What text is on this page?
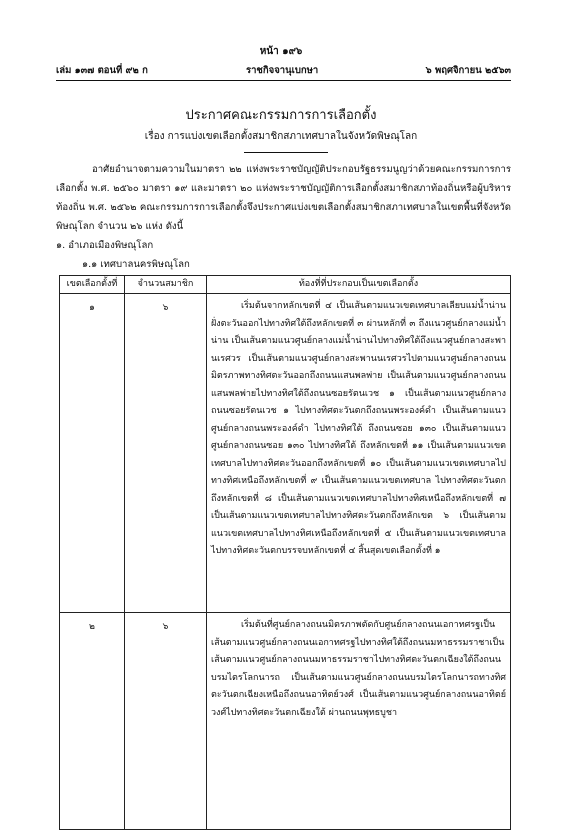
หน้า ๑๙๖
เล่ม ๑๓๗ ตอนที่ ๙๒ ก	ราชกิจจานุเบกษา	๖ พฤศจิกายน ๒๕๖๓
ประกาศคณะกรรมการการเลือกตั้ง
เรื่อง การแบ่งเขตเลือกตั้งสมาชิกสภาเทศบาลในจังหวัดพิษณุโลก
อาศัยอำนาจตามความในมาตรา ๒๒ แห่งพระราชบัญญัติประกอบรัฐธรรมนูญว่าด้วยคณะกรรมการการเลือกตั้ง พ.ศ. ๒๕๖๐ มาตรา ๑๙ และมาตรา ๒๐ แห่งพระราชบัญญัติการเลือกตั้งสมาชิกสภาท้องถิ่นหรือผู้บริหารท้องถิ่น พ.ศ. ๒๕๖๒ คณะกรรมการการเลือกตั้งจึงประกาศแบ่งเขตเลือกตั้งสมาชิกสภาเทศบาลในเขตพื้นที่จังหวัดพิษณุโลก จำนวน ๒๖ แห่ง ดังนี้
๑. อำเภอเมืองพิษณุโลก
๑.๑ เทศบาลนครพิษณุโลก
เขตเลือกตั้งที่	จำนวนสมาชิก	ท้องที่ที่ประกอบเป็นเขตเลือกตั้ง
๑	๖	เริ่มต้นจากหลักเขตที่ ๔ เป็นเส้นตามแนวเขตเทศบาลเลียบแม่น้ำน่านฝั่งตะวันออกไปทางทิศใต้ถึงหลักเขตที่ ๓ ผ่านหลักที่ ๓ ถึงแนวศูนย์กลางแม่น้ำน่าน เป็นเส้นตามแนวศูนย์กลางแม่น้ำน่านไปทางทิศใต้ถึงแนวศูนย์กลางสะพานเรศวร เป็นเส้นตามแนวศูนย์กลางสะพานนเรศวรไปตามแนวศูนย์กลางถนนมิตรภาพทางทิศตะวันออกถึงถนนแสนพลพ่าย เป็นเส้นตามแนวศูนย์กลางถนนแสนพลพ่ายไปทางทิศใต้ถึงถนนซอยรัตนเวช ๑ เป็นเส้นตามแนวศูนย์กลางถนนซอยรัตนเวช ๑ ไปทางทิศตะวันตกถึงถนนพระองค์ดำ เป็นเส้นตามแนวศูนย์กลางถนนพระองค์ดำ ไปทางทิศใต้ ถึงถนนซอย ๑๓๐ เป็นเส้นตามแนวศูนย์กลางถนนซอย ๑๓๐ ไปทางทิศใต้ ถึงหลักเขตที่ ๑๑ เป็นเส้นตามแนวเขตเทศบาลไปทางทิศตะวันออกถึงหลักเขตที่ ๑๐ เป็นเส้นตามแนวเขตเทศบาลไปทางทิศเหนือถึงหลักเขตที่ ๙ เป็นเส้นตามแนวเขตเทศบาล ไปทางทิศตะวันตกถึงหลักเขตที่ ๘ เป็นเส้นตามแนวเขตเทศบาลไปทางทิศเหนือถึงหลักเขตที่ ๗ เป็นเส้นตามแนวเขตเทศบาลไปทางทิศตะวันตกถึงหลักเขต ๖ เป็นเส้นตามแนวเขตเทศบาลไปทางทิศเหนือถึงหลักเขตที่ ๕ เป็นเส้นตามแนวเขตเทศบาลไปทางทิศตะวันตกบรรจบหลักเขตที่ ๔ สิ้นสุดเขตเลือกตั้งที่ ๑
๒	๖	เริ่มต้นที่ศูนย์กลางถนนมิตรภาพตัดกับศูนย์กลางถนนเอกาทศรฐเป็นเส้นตามแนวศูนย์กลางถนนเอกาทศรฐไปทางทิศใต้ถึงถนนมหาธรรมราชาเป็นเส้นตามแนวศูนย์กลางถนนมหาธรรมราชาไปทางทิศตะวันตกเฉียงใต้ถึงถนนบรมไตรโลกนารถ เป็นเส้นตามแนวศูนย์กลางถนนบรมไตรโลกนารถทางทิศตะวันตกเฉียงเหนือถึงถนนอาทิตย์วงศ์ เป็นเส้นตามแนวศูนย์กลางถนนอาทิตย์วงศ์ไปทางทิศตะวันตกเฉียงใต้ ผ่านถนนพุทธบูชา
